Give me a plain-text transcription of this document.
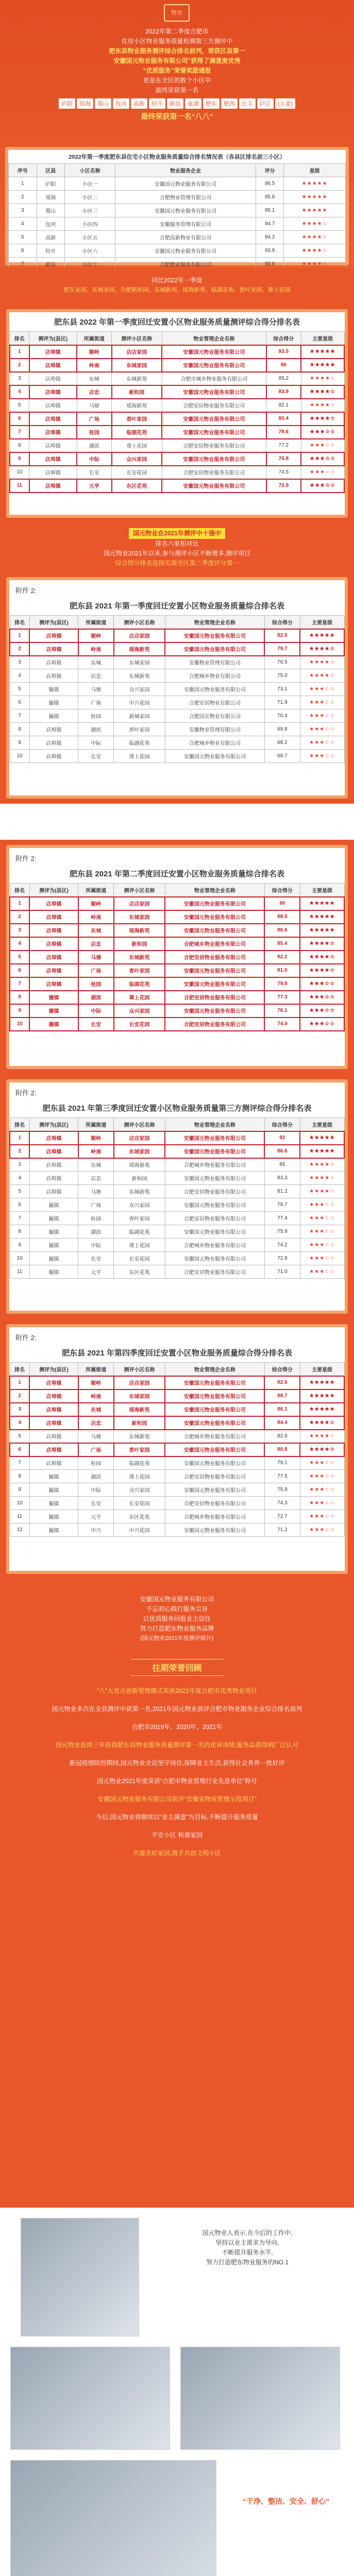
物业
2022年第二季度合肥市
住房小区物业服务质量检测第三方测评中
肥东县物业服务测评综合排名前列，荣获区县第一
安徽国元物业服务有限公司”获得了满意度优秀
“优质服务”荣誉奖励通报
更是在全区的数个小区中
最终荣获第一名
庐阳	瑶海	蜀山	包河	高新	经开	新站	巢湖	肥东	肥西	长丰	庐江	(大委)
最终荣获第一名“八八”
2022年第一季度肥东县住宅小区物业服务质量综合排名情况表（各县区排名前三小区）
序号	区县	小区名称	物业服务企业	评分	星级
1	庐阳	小区一	安徽国元物业服务有限公司	96.5	★★★★★
2	瑶海	小区二	合肥物业管理有限公司	95.8	★★★★★
3	蜀山	小区三	安徽国元物业服务有限公司	95.1	★★★★★
4	包河	小区四	安徽服务管理有限公司	94.7	★★★★☆
5	高新	小区五	合肥高新物业有限公司	94.2	★★★★☆
6	经开	小区六	安徽国元物业服务有限公司	93.9	★★★★☆
7	新站	小区七	合肥物业服务有限公司	93.6	★★★★☆

同比2022年一季度
肥东家园、东城家园、合肥新和园、东城新苑、瑶海新苑、临湖花苑、香叶家园、尊上花园
肥东县 2022 年第一季度回迁安置小区物业服务质量测评综合得分排名表
排名	测评为(县区)	所属街道	测评小区名称	物业管理企业名称	综合得分	主要星级
1	店埠镇	顺岭	店店家园	安徽国元物业服务有限公司	93.5	★★★★★
2	店埠镇	岭南	东城家园	安徽国元物业服务有限公司	86	★★★★★
3	店埠镇	东城	东城新苑	合肥市城乡物业服务有限公司	85.2	★★★★☆
4	店埠镇	店忠	新和园	安徽国元物业服务有限公司	83.9	★★★★☆
5	店埠镇	马塘	瑶海新苑	合肥安居物业服务有限公司	82.1	★★★★☆
6	店埠镇	广场	香叶家园	安徽国元物业服务有限公司	80.4	★★★★☆
7	店埠镇	桂园	临湖花苑	安徽国元物业服务有限公司	78.6	★★★☆☆
8	店埠镇	湖滨	尊上花园	合肥安居物业服务有限公司	77.2	★★★☆☆
9	店埠镇	中际	众兴家园	安徽国元物业服务有限公司	75.8	★★★☆☆
10	店埠镇	长安	长安花园	合肥安居物业服务有限公司	74.5	★★★☆☆
11	店埠镇	元亨	东区花苑	安徽国元物业服务有限公司	72.9	★★★☆☆
国元物业在2021年测评中十强中
排名六家相对比
国元物业2021年以来,参与测评小区不断增多,测评项目
综合得分排名连续实现全区第二季度评分第一
附件 2:
肥东县 2021 年第一季度回迁安置小区物业服务质量综合排名表
排名	测评为(县区)	所属街道	测评小区名称	物业管理企业名称	综合得分	主要星级
1	店埠镇	顺岭	店店家园	安徽国元物业服务有限公司	82.5	★★★★★
2	店埠镇	岭南	瑶海新苑	安徽国元物业服务有限公司	79.7	★★★★☆
3	店埠镇	东城	东城家园	安徽物业管理有限公司	76.5	★★★★☆
4	店埠镇	店忠	东城新苑	合肥城乡物业有限公司	75.0	★★★★☆
5	撮镇	马塘	众兴家园	安徽国元物业服务有限公司	73.1	★★★☆☆
6	撮镇	广场	中兴花园	合肥安居物业有限公司	71.9	★★★☆☆
7	撮镇	桂园	新城家园	合肥国宏物业有限公司	70.4	★★★☆☆
8	店埠镇	湖滨	香叶家园	安徽物业管理有限公司	69.8	★★★☆☆
9	店埠镇	中际	临湖花苑	合肥城乡物业有限公司	68.2	★★★☆☆
10	店埠镇	长安	尊上花园	安徽国元物业服务有限公司	66.7	★★★☆☆
附件 2:
肥东县 2021 年第二季度回迁安置小区物业服务质量综合排名表
排名	测评为(县区)	所属街道	测评小区名称	物业管理企业名称	综合得分	主要星级
1	店埠镇	顺岭	店店家园	安徽国元物业服务有限公司	90	★★★★★
2	店埠镇	岭南	东城家园	安徽国元物业服务有限公司	88.5	★★★★★
3	店埠镇	东城	瑶海新苑	安徽国元物业服务有限公司	86.6	★★★★★
4	店埠镇	店忠	新和园	合肥城乡物业服务有限公司	85.4	★★★★☆
5	店埠镇	马塘	东城新苑	合肥安居物业服务有限公司	82.2	★★★★☆
6	店埠镇	广场	香叶家园	安徽国元物业服务有限公司	81.0	★★★★☆
7	店埠镇	桂园	临湖花苑	安徽国元物业服务有限公司	79.8	★★★☆☆
8	撮镇	湖滨	尊上花园	合肥安居物业服务有限公司	77.3	★★★☆☆
9	撮镇	中际	众兴家园	安徽国元物业服务有限公司	76.1	★★★☆☆
10	撮镇	长安	长安花园	合肥安居物业服务有限公司	74.9	★★★☆☆
附件 2:
肥东县 2021 年第三季度回迁安置小区物业服务质量第三方测评综合得分排名表
排名	测评为(县区)	所属街道	测评小区名称	物业管理企业名称	综合得分	主要星级
1	店埠镇	顺岭	店店家园	安徽国元物业服务有限公司	92	★★★★★
2	店埠镇	岭南	东城家园	安徽国元物业服务有限公司	86.6	★★★★★
3	店埠镇	东城	瑶海新苑	合肥城乡物业服务有限公司	85	★★★★☆
4	店埠镇	店忠	新和园	安徽国元物业服务有限公司	83.3	★★★★☆
5	店埠镇	马塘	东城新苑	合肥安居物业服务有限公司	81.2	★★★★☆
6	撮镇	广场	众兴家园	安徽国元物业服务有限公司	78.7	★★★☆☆
7	撮镇	桂园	香叶家园	合肥安居物业服务有限公司	77.4	★★★☆☆
8	撮镇	湖滨	临湖花苑	安徽国元物业服务有限公司	75.9	★★★☆☆
9	撮镇	中际	尊上花园	合肥城乡物业服务有限公司	74.2	★★★☆☆
10	撮镇	长安	长安花园	安徽国元物业服务有限公司	72.8	★★★☆☆
11	撮镇	元亨	东区花苑	合肥安居物业服务有限公司	71.0	★★★☆☆
附件 2:
肥东县 2021 年第四季度回迁安置小区物业服务质量综合得分排名表
排名	测评为(县区)	所属街道	测评小区名称	物业管理企业名称	综合得分	主要星级
1	店埠镇	顺岭	店店家园	安徽国元物业服务有限公司	92.5	★★★★★
2	店埠镇	岭南	东城家园	安徽国元物业服务有限公司	88.7	★★★★★
3	店埠镇	东城	瑶海新苑	安徽国元物业服务有限公司	86.1	★★★★★
4	店埠镇	店忠	新和园	安徽国元物业服务有限公司	84.4	★★★★☆
5	店埠镇	马塘	东城新苑	合肥城乡物业服务有限公司	82.6	★★★★☆
6	店埠镇	广场	香叶家园	安徽国元物业服务有限公司	80.8	★★★★☆
7	店埠镇	桂园	临湖花苑	安徽国元物业服务有限公司	79.1	★★★☆☆
8	撮镇	湖滨	尊上花园	合肥安居物业服务有限公司	77.5	★★★☆☆
9	撮镇	中际	众兴家园	安徽国元物业服务有限公司	75.9	★★★☆☆
10	撮镇	长安	长安花园	合肥安居物业服务有限公司	74.3	★★★☆☆
11	撮镇	元亨	东区花苑	合肥城乡物业服务有限公司	72.7	★★★☆☆
12	撮镇	中兴	中兴花园	安徽国元物业服务有限公司	71.2	★★★☆☆
安徽国元物业服务有限公司
不忘初心践行服务宗旨
以优质服务回报业主信任
努力打造肥东物业服务品牌
(国元物业2021年度测评统计)
往期荣誉回顾
“八”大亮点创新管理模式荣获2022年度合肥市优秀物业项目
国元物业多次在全县测评中获第一名,2021年国元物业获评合肥市物业服务企业综合排名前列
合肥市2019年、2020年、2021年
国元物业连续三年获得肥东县物业服务质量测评第一名的优异成绩,服务品质得到广泛认可
新冠疫情防控期间,国元物业全员坚守岗位,保障业主生活,获得社会各界一致好评
国元物业2021年度荣获“合肥市物业管理行业先进单位”称号
安徽国元物业服务有限公司获评“安徽省物业管理示范项目”
今后,国元物业将继续以“业主满意”为目标,不断提升服务质量
平安小区 和谐家园
共建美好家园,携手共创文明小区
国元物业人表示,在今后的工作中,
坚持以业主需求为导向,
不断提升服务水平,
努力打造肥东物业服务的NO.1
“干净、整洁、安全、舒心”
